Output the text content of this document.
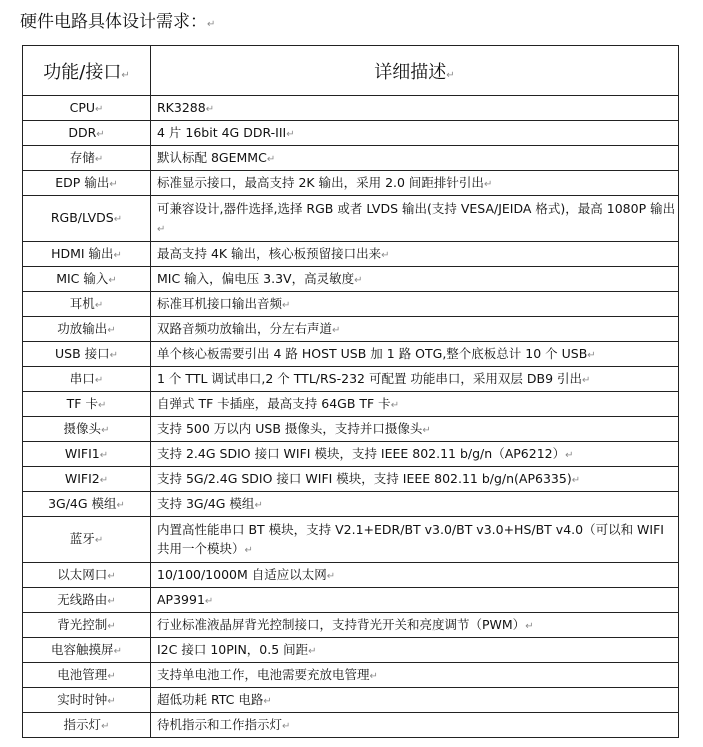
硬件电路具体设计需求：↵
功能/接口↵	详细描述↵
CPU↵	RK3288↵
DDR↵	4 片 16bit 4G DDR-III↵
存储↵	默认标配 8GEMMC↵
EDP 输出↵	标准显示接口，最高支持 2K 输出，采用 2.0 间距排针引出↵
RGB/LVDS↵	可兼容设计,器件选择,选择 RGB 或者 LVDS 输出(支持 VESA/JEIDA 格式)，最高 1080P 输出↵
HDMI 输出↵	最高支持 4K 输出，核心板预留接口出来↵
MIC 输入↵	MIC 输入，偏电压 3.3V，高灵敏度↵
耳机↵	标准耳机接口输出音频↵
功放输出↵	双路音频功放输出，分左右声道↵
USB 接口↵	单个核心板需要引出 4 路 HOST USB 加 1 路 OTG,整个底板总计 10 个 USB↵
串口↵	1 个 TTL 调试串口,2 个 TTL/RS-232 可配置 功能串口，采用双层 DB9 引出↵
TF 卡↵	自弹式 TF 卡插座，最高支持 64GB TF 卡↵
摄像头↵	支持 500 万以内 USB 摄像头，支持并口摄像头↵
WIFI1↵	支持 2.4G SDIO 接口 WIFI 模块，支持 IEEE 802.11 b/g/n（AP6212）↵
WIFI2↵	支持 5G/2.4G SDIO 接口 WIFI 模块，支持 IEEE 802.11 b/g/n(AP6335)↵
3G/4G 模组↵	支持 3G/4G 模组↵
蓝牙↵	内置高性能串口 BT 模块，支持 V2.1+EDR/BT v3.0/BT v3.0+HS/BT v4.0（可以和 WIFI 共用一个模块）↵
以太网口↵	10/100/1000M 自适应以太网↵
无线路由↵	AP3991↵
背光控制↵	行业标准液晶屏背光控制接口，支持背光开关和亮度调节（PWM）↵
电容触摸屏↵	I2C 接口 10PIN，0.5 间距↵
电池管理↵	支持单电池工作，电池需要充放电管理↵
实时时钟↵	超低功耗 RTC 电路↵
指示灯↵	待机指示和工作指示灯↵
